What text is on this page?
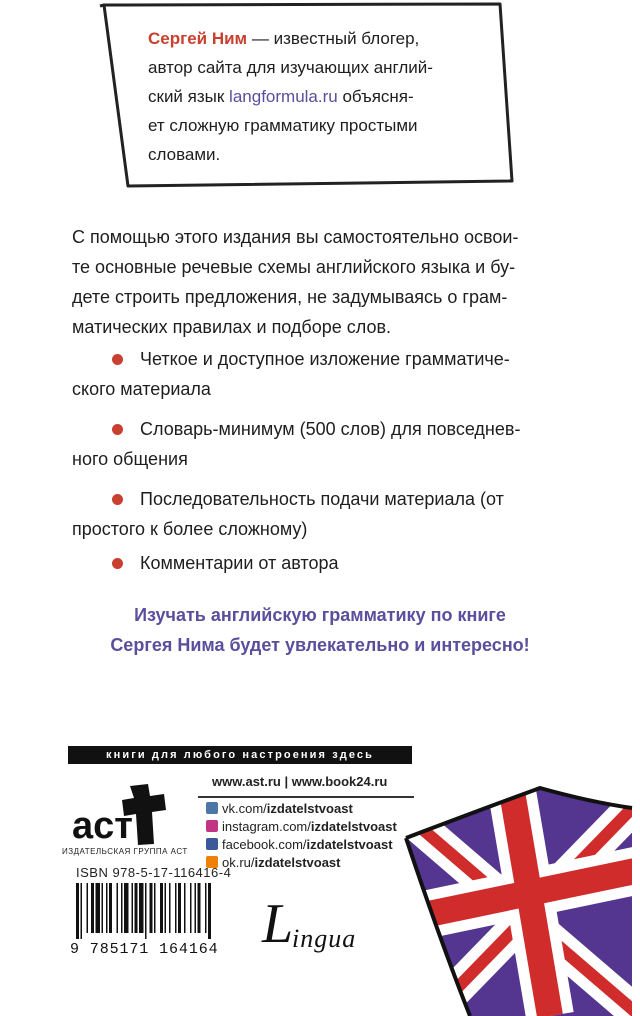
Сергей Ним — известный блогер,
автор сайта для изучающих англий-
ский язык langformula.ru объясня-
ет сложную грамматику простыми
словами.
С помощью этого издания вы самостоятельно освои-
те основные речевые схемы английского языка и бу-
дете строить предложения, не задумываясь о грам-
матических правилах и подборе слов.
Четкое и доступное изложение грамматиче-
ского материала
Словарь-минимум (500 слов) для повседнев-
ного общения
Последовательность подачи материала (от
простого к более сложному)
Комментарии от автора
Изучать английскую грамматику по книге
Сергея Нима будет увлекательно и интересно!
книги для любого настроения здесь
www.ast.ru | www.book24.ru
vk.com/izdatelstvoast
instagram.com/izdatelstvoast
facebook.com/izdatelstvoast
ok.ru/izdatelstvoast
аст
ИЗДАТЕЛЬСКАЯ ГРУППА АСТ
ISBN 978-5-17-116416-4
9 785171 164164 L
ingua
